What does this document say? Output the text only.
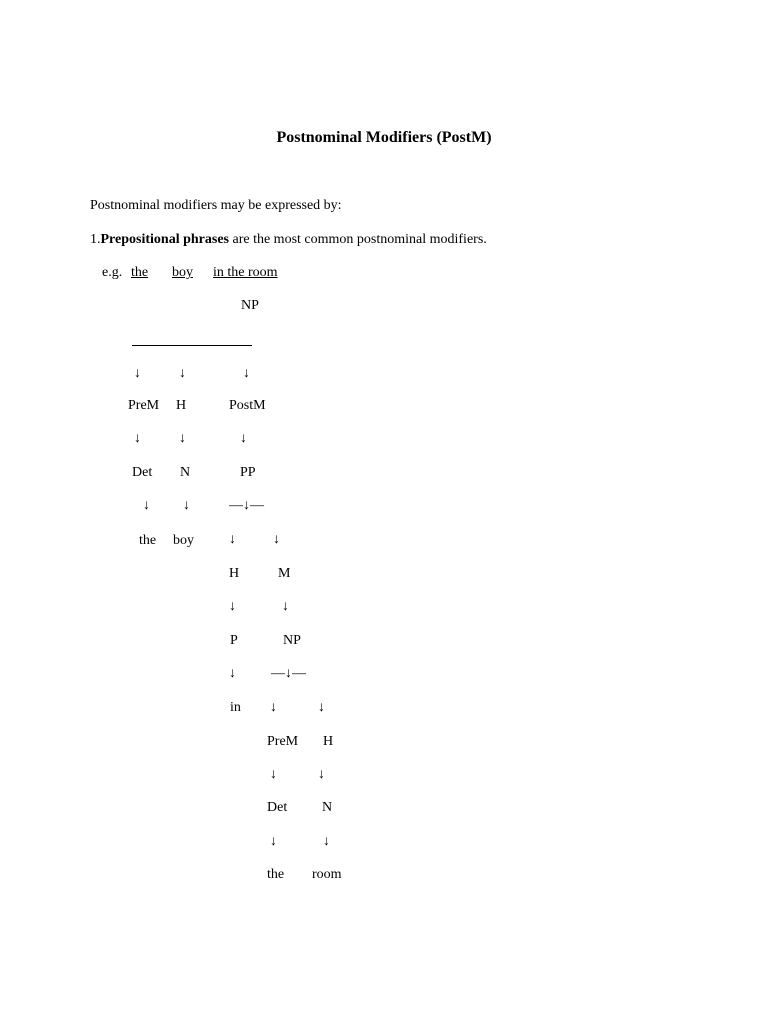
Postnominal Modifiers (PostM)
Postnominal modifiers may be expressed by:
1.Prepositional phrases are the most common postnominal modifiers.
e.g. the boy in the room
NP
↓	↓	↓
PreM H	PostM
↓	↓	↓
Det N	PP
↓ ↓	—↓—
the boy	↓	↓
H	M
↓	↓
P	NP
↓	—↓—
in ↓	↓
PreM H
↓	↓
Det N
↓	↓
the room
